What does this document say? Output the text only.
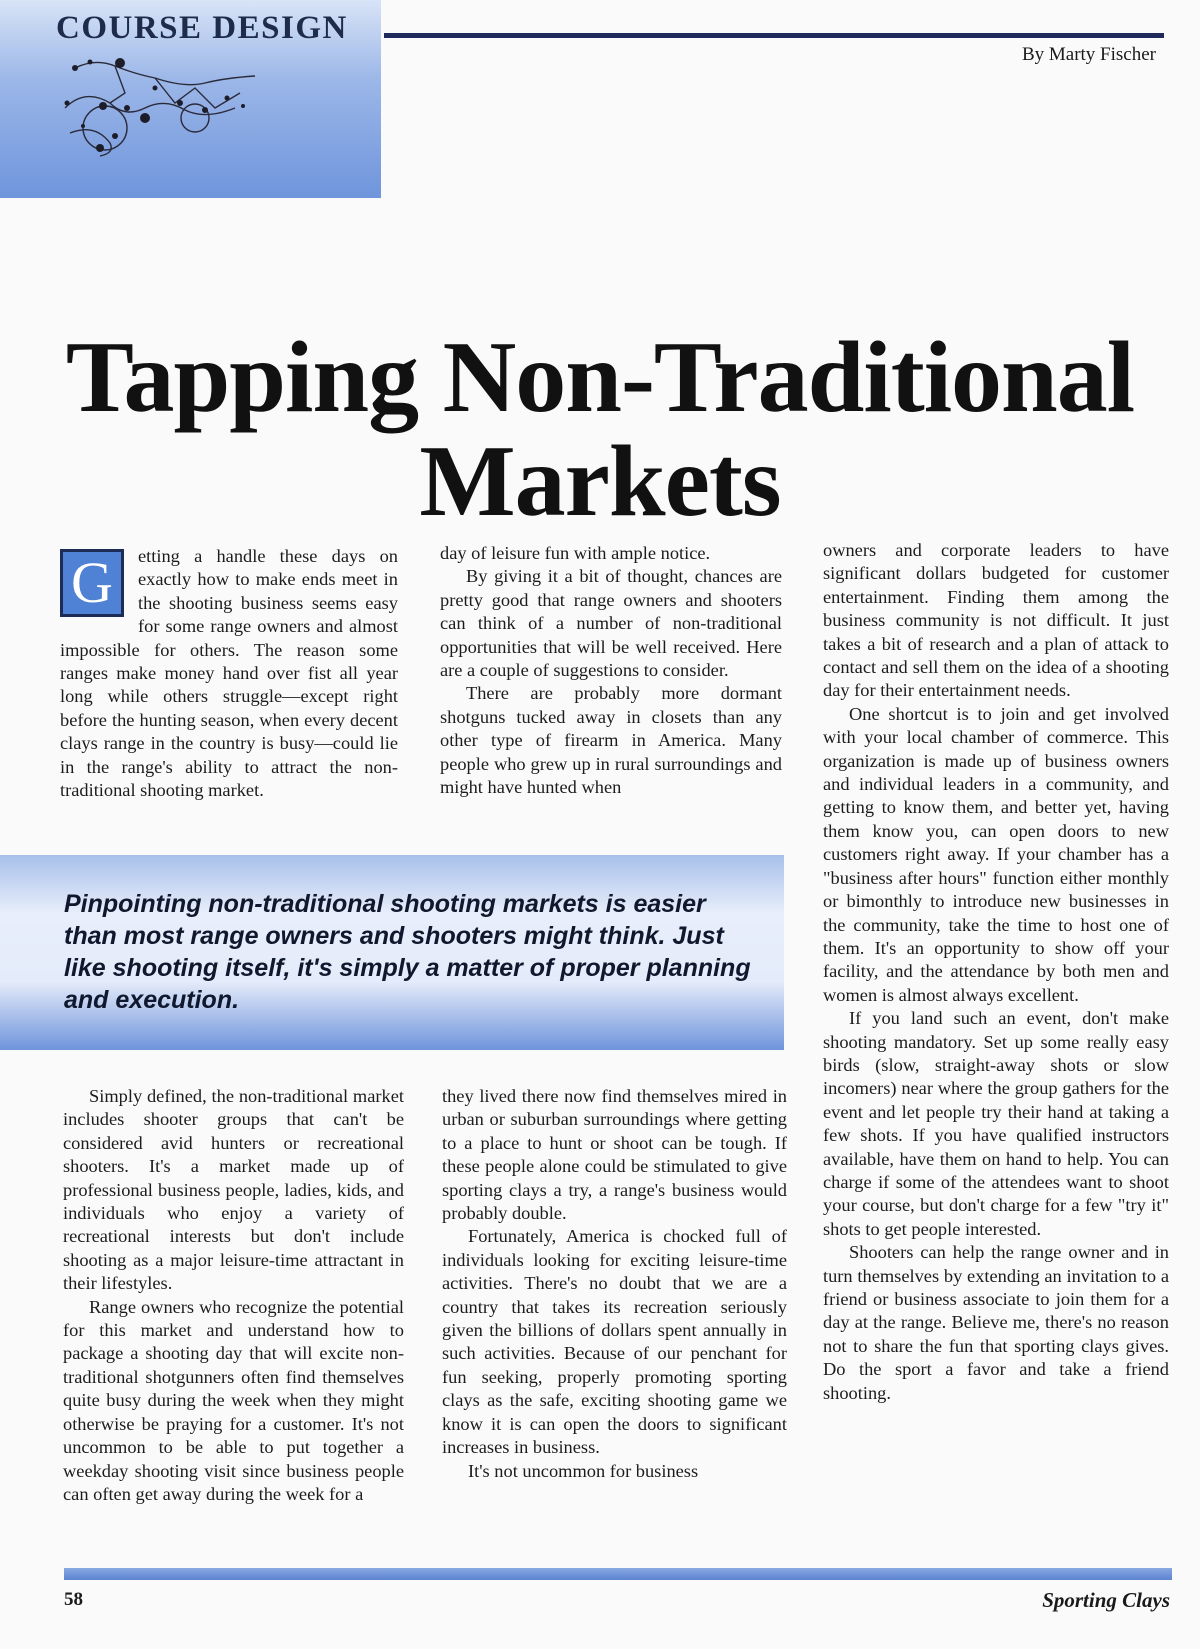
COURSE DESIGN
By Marty Fischer
Tapping Non-Traditional
Markets

G	etting a handle these days on exactly how to make ends meet in the shooting business seems easy for some range owners and almost impossible for others. The reason some ranges make money hand over fist all year long while others struggle—except right before the hunting season, when every decent clays range in the country is busy—could lie in the range's ability to attract the non-traditional shooting market.

day of leisure fun with ample notice.

By giving it a bit of thought, chances are pretty good that range owners and shooters can think of a number of non-traditional opportunities that will be well received. Here are a couple of suggestions to consider.

There are probably more dormant shotguns tucked away in closets than any other type of firearm in America. Many people who grew up in rural surroundings and might have hunted when

Pinpointing non-traditional shooting markets is easier than most range owners and shooters might think. Just like shooting itself, it's simply a matter of proper planning and execution.

Simply defined, the non-traditional market includes shooter groups that can't be considered avid hunters or recreational shooters. It's a market made up of professional business people, ladies, kids, and individuals who enjoy a variety of recreational interests but don't include shooting as a major leisure-time attractant in their lifestyles.

Range owners who recognize the potential for this market and understand how to package a shooting day that will excite non-traditional shotgunners often find themselves quite busy during the week when they might otherwise be praying for a customer. It's not uncommon to be able to put together a weekday shooting visit since business people can often get away during the week for a

they lived there now find themselves mired in urban or suburban surroundings where getting to a place to hunt or shoot can be tough. If these people alone could be stimulated to give sporting clays a try, a range's business would probably double.

Fortunately, America is chocked full of individuals looking for exciting leisure-time activities. There's no doubt that we are a country that takes its recreation seriously given the billions of dollars spent annually in such activities. Because of our penchant for fun seeking, properly promoting sporting clays as the safe, exciting shooting game we know it is can open the doors to significant increases in business.

It's not uncommon for business

owners and corporate leaders to have significant dollars budgeted for customer entertainment. Finding them among the business community is not difficult. It just takes a bit of research and a plan of attack to contact and sell them on the idea of a shooting day for their entertainment needs.

One shortcut is to join and get involved with your local chamber of commerce. This organization is made up of business owners and individual leaders in a community, and getting to know them, and better yet, having them know you, can open doors to new customers right away. If your chamber has a "business after hours" function either monthly or bimonthly to introduce new businesses in the community, take the time to host one of them. It's an opportunity to show off your facility, and the attendance by both men and women is almost always excellent.

If you land such an event, don't make shooting mandatory. Set up some really easy birds (slow, straight-away shots or slow incomers) near where the group gathers for the event and let people try their hand at taking a few shots. If you have qualified instructors available, have them on hand to help. You can charge if some of the attendees want to shoot your course, but don't charge for a few "try it" shots to get people interested.

Shooters can help the range owner and in turn themselves by extending an invitation to a friend or business associate to join them for a day at the range. Believe me, there's no reason not to share the fun that sporting clays gives. Do the sport a favor and take a friend shooting.

58	Sporting Clays
